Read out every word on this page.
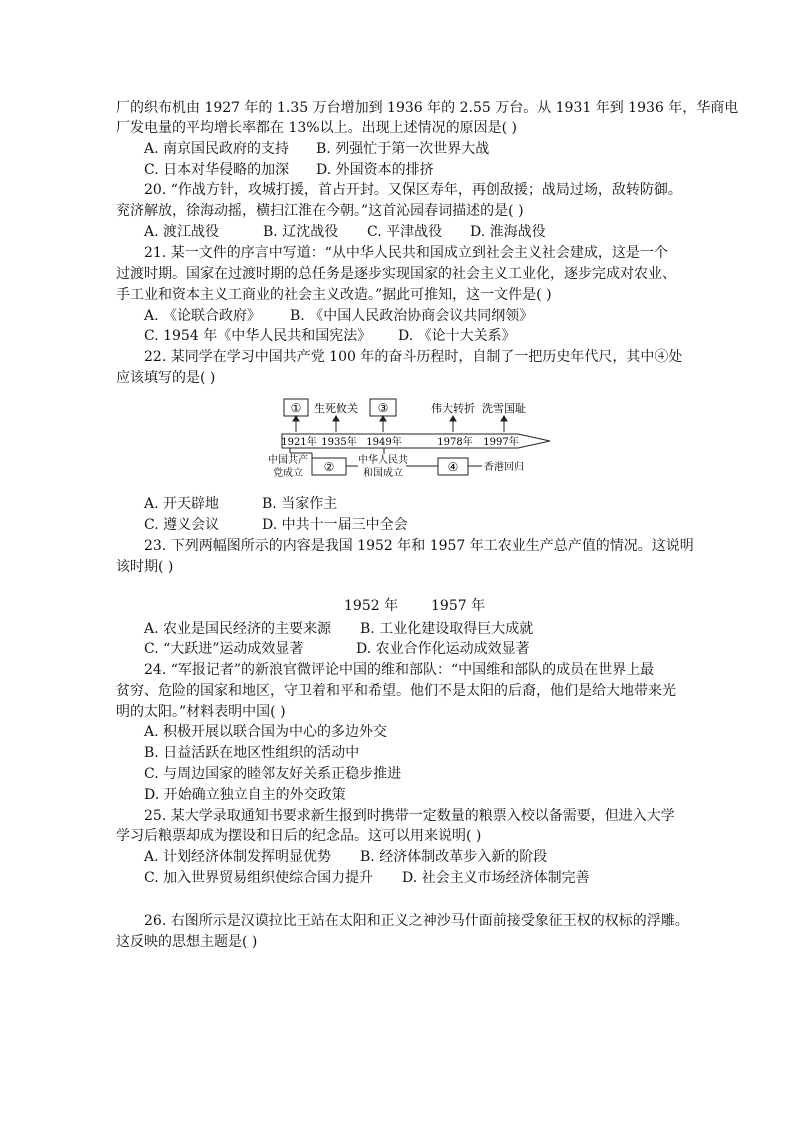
厂的织布机由 1927 年的 1.35 万台增加到 1936 年的 2.55 万台。从 1931 年到 1936 年，华商电
厂发电量的平均增长率都在 13%以上。出现上述情况的原因是( )
A. 南京国民政府的支持 B. 列强忙于第一次世界大战
C. 日本对华侵略的加深 D. 外国资本的排挤
20. “作战方针，攻城打援，首占开封。又保区寿年，再创敌援；战局过场，敌转防御。
兖济解放，徐海动摇，横扫江淮在今朝。”这首沁园春词描述的是( )
A. 渡江战役	B. 辽沈战役 C. 平津战役 D. 淮海战役
21. 某一文件的序言中写道：“从中华人民共和国成立到社会主义社会建成，这是一个
过渡时期。国家在过渡时期的总任务是逐步实现国家的社会主义工业化，逐步完成对农业、
手工业和资本主义工商业的社会主义改造。”据此可推知，这一文件是( )
A. 《论联合政府》 B. 《中国人民政治协商会议共同纲领》
C. 1954 年《中华人民共和国宪法》 D. 《论十大关系》
22. 某同学在学习中国共产党 100 年的奋斗历程时，自制了一把历史年代尺，其中④处
应该填写的是( )
①	③
②	④
生死攸关	伟大转折 洗雪国耻
1921年 1935年 1949年	1978年 1997年
中国共产
党成立
中华人民共
和国成立
香港回归
A. 开天辟地	B. 当家作主
C. 遵义会议	D. 中共十一届三中全会
23. 下列两幅图所示的内容是我国 1952 年和 1957 年工农业生产总产值的情况。这说明
该时期( )
1952 年 1957 年
A. 农业是国民经济的主要来源 B. 工业化建设取得巨大成就
C. “大跃进”运动成效显著	D. 农业合作化运动成效显著
24. “军报记者”的新浪官微评论中国的维和部队：“中国维和部队的成员在世界上最
贫穷、危险的国家和地区，守卫着和平和希望。他们不是太阳的后裔，他们是给大地带来光
明的太阳。”材料表明中国( )
A. 积极开展以联合国为中心的多边外交
B. 日益活跃在地区性组织的活动中
C. 与周边国家的睦邻友好关系正稳步推进
D. 开始确立独立自主的外交政策
25. 某大学录取通知书要求新生报到时携带一定数量的粮票入校以备需要，但进入大学
学习后粮票却成为摆设和日后的纪念品。这可以用来说明( )
A. 计划经济体制发挥明显优势 B. 经济体制改革步入新的阶段
C. 加入世界贸易组织使综合国力提升 D. 社会主义市场经济体制完善
26. 右图所示是汉谟拉比王站在太阳和正义之神沙马什面前接受象征王权的权标的浮雕。
这反映的思想主题是( )
